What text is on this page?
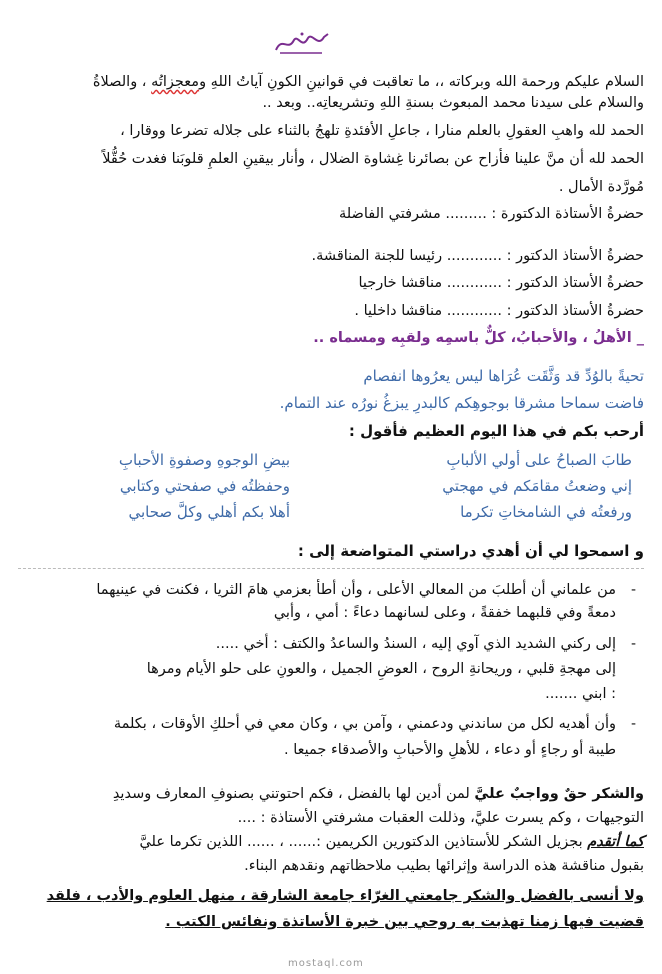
السلام عليكم ورحمة الله وبركاته ،، ما تعاقبت في قوانينِ الكونِ آياتُ اللهِ ومعجزاتُه ، والصلاةُ
والسلام على سيدنا محمد المبعوث بسنةِ اللهِ وتشريعاتِه.. وبعد ..
الحمد لله واهبِ العقولِ بالعلم منارا ، جاعلِ الأفئدةِ تلهجُ بالثناء على جلاله تضرعا ووقارا ،
الحمد لله أن منَّ علينا فأزاح عن بصائرنا غِشاوة الضلال ، وأنار بيقينِ العلمِ قلوبَنا فغدت حُقُّلاً
مُورَّدة الأمال .
حضرةُ الأستاذة الدكتورة : ......... مشرفتي الفاضلة
حضرةُ الأستاذ الدكتور : ............ رئيسا للجنة المناقشة.
حضرةُ الأستاذ الدكتور : ............ مناقشا خارجيا
حضرةُ الأستاذ الدكتور : ............ مناقشا داخليا .
_ الأهلُ ، والأحبابُ، كلٌّ باسمِه ولقبِه ومسماه ..
تحيةً بالوُدِّ قد وَثَّقَت عُرَاها ليس يعرُوها انفصام
فاضت سماحا مشرقا بوجوهِكم كالبدرِ يبزغُ نورُه عند التمام.
أرحب بكم في هذا اليوم العظيم فأقول :
طابَ الصباحُ على أولي الألبابِ
بيضِ الوجوهِ وصفوةِ الأحبابِ
إني وضعتُ مقامَكم في مهجتي
وحفظتُه في صفحتي وكتابي
ورفعتُه في الشامخاتِ تكرما
أهلا بكم أهلي وكلَّ صحابي
و اسمحوا لي أن أهدي دراستي المتواضعة إلى :
-
من علماني أن أطلبَ من المعالي الأعلى ، وأن أطأ بعزمي هامَ الثريا ، فكنت في عينيهما
دمعةً وفي قلبهما خفقةً ، وعلى لسانهما دعاءً : أمي ، وأبي
-
إلى ركني الشديد الذي آوي إليه ، السندُ والساعدُ والكتف : أخي .....
إلى مهجةِ قلبي ، وريحانةِ الروح ، العوضِ الجميل ، والعونِ على حلو الأيام ومرها
: ابني .......
-
وأن أهديه لكل من ساندني ودعمني ، وآمن بي ، وكان معي في أحلكِ الأوقات ، بكلمة
طيبة أو رجاءٍ أو دعاء ، للأهلِ والأحبابِ والأصدقاء جميعا .
والشكر حقٌ وواجبٌ عليَّ لمن أدين لها بالفضل ، فكم احتوتني بصنوفِ المعارف وسديدِ
التوجيهات ، وكم يسرت عليَّ، وذللت العقبات مشرفتي الأستاذة : ....
كما أتقدم بجزيل الشكر للأستاذين الدكتورين الكريمين :...... ، ...... اللذين تكرما عليَّ
بقبول مناقشة هذه الدراسة وإثرائها بطيب ملاحظاتهم ونقدهم البناء.
ولا أنسى بالفضل والشكر جامعتي الغرّاء جامعة الشارقة ، منهل العلوم والأدب ، فلقد
قضيت فيها زمنا تهذبت به روحي بين خبرة الأساتذة ونفائس الكتب .
mostaql.com
